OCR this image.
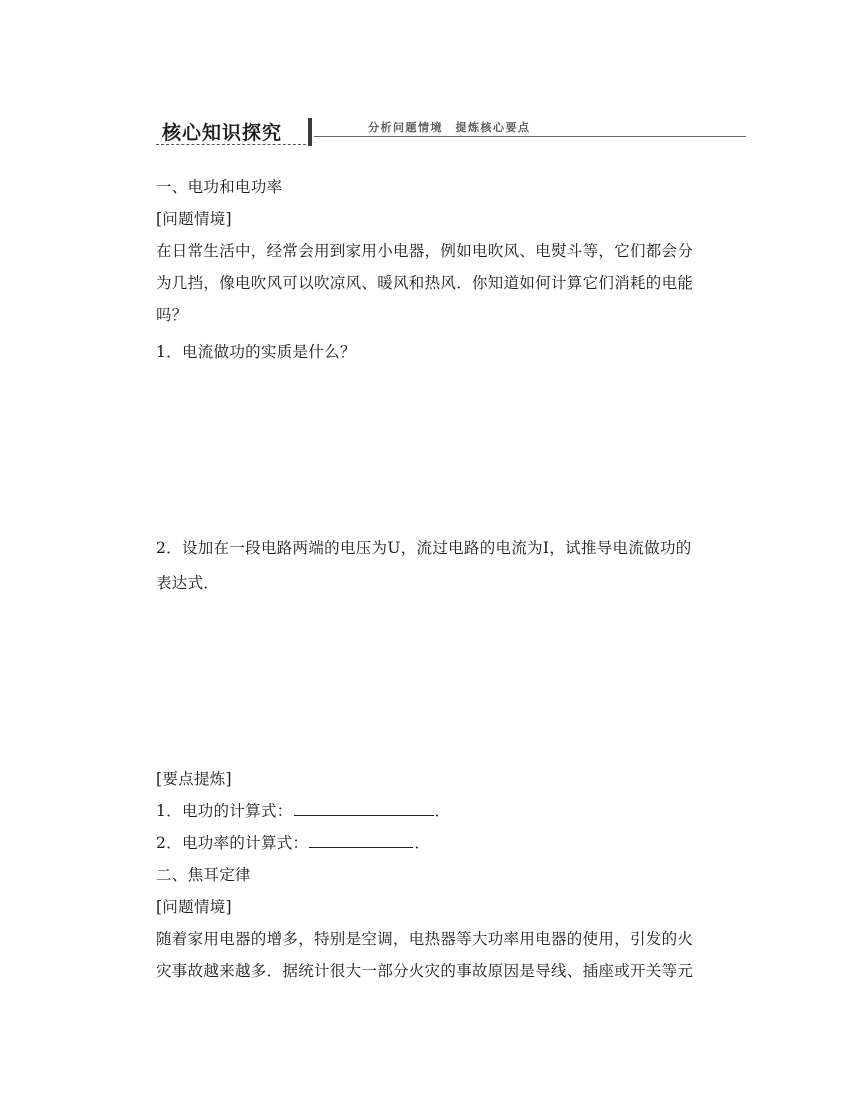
核心知识探究	分析问题情境　提炼核心要点
一、电功和电功率
[问题情境]
在日常生活中，经常会用到家用小电器，例如电吹风、电熨斗等，它们都会分
为几挡，像电吹风可以吹凉风、暖风和热风．你知道如何计算它们消耗的电能
吗？
1．电流做功的实质是什么？
2．设加在一段电路两端的电压为U，流过电路的电流为I，试推导电流做功的
表达式．
[要点提炼]
1．电功的计算式：	．
2．电功率的计算式：	．
二、焦耳定律
[问题情境]
随着家用电器的增多，特别是空调，电热器等大功率用电器的使用，引发的火
灾事故越来越多．据统计很大一部分火灾的事故原因是导线、插座或开关等元
